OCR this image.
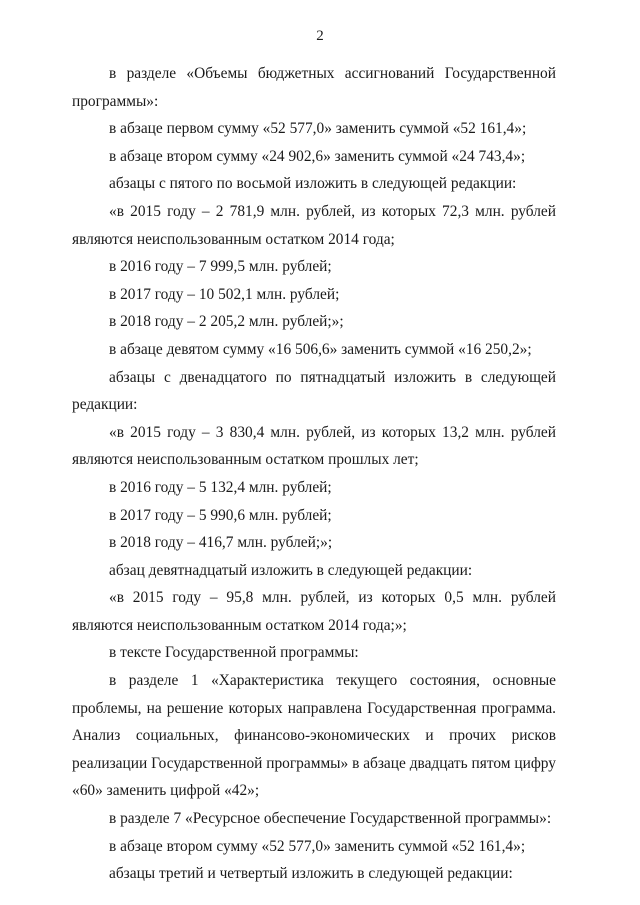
2

в разделе «Объемы бюджетных ассигнований Государственной программы»:

в абзаце первом сумму «52 577,0» заменить суммой «52 161,4»;

в абзаце втором сумму «24 902,6» заменить суммой «24 743,4»;

абзацы с пятого по восьмой изложить в следующей редакции:

«в 2015 году – 2 781,9 млн. рублей, из которых 72,3 млн. рублей являются неиспользованным остатком 2014 года;

в 2016 году – 7 999,5 млн. рублей;

в 2017 году – 10 502,1 млн. рублей;

в 2018 году – 2 205,2 млн. рублей;»;

в абзаце девятом сумму «16 506,6» заменить суммой «16 250,2»;

абзацы с двенадцатого по пятнадцатый изложить в следующей редакции:

«в 2015 году – 3 830,4 млн. рублей, из которых 13,2 млн. рублей являются неиспользованным остатком прошлых лет;

в 2016 году – 5 132,4 млн. рублей;

в 2017 году – 5 990,6 млн. рублей;

в 2018 году – 416,7 млн. рублей;»;

абзац девятнадцатый изложить в следующей редакции:

«в 2015 году – 95,8 млн. рублей, из которых 0,5 млн. рублей являются неиспользованным остатком 2014 года;»;

в тексте Государственной программы:

в разделе 1 «Характеристика текущего состояния, основные проблемы, на решение которых направлена Государственная программа. Анализ социальных, финансово-экономических и прочих рисков реализации Государственной программы» в абзаце двадцать пятом цифру «60» заменить цифрой «42»;

в разделе 7 «Ресурсное обеспечение Государственной программы»:

в абзаце втором сумму «52 577,0» заменить суммой «52 161,4»;

абзацы третий и четвертый изложить в следующей редакции:
